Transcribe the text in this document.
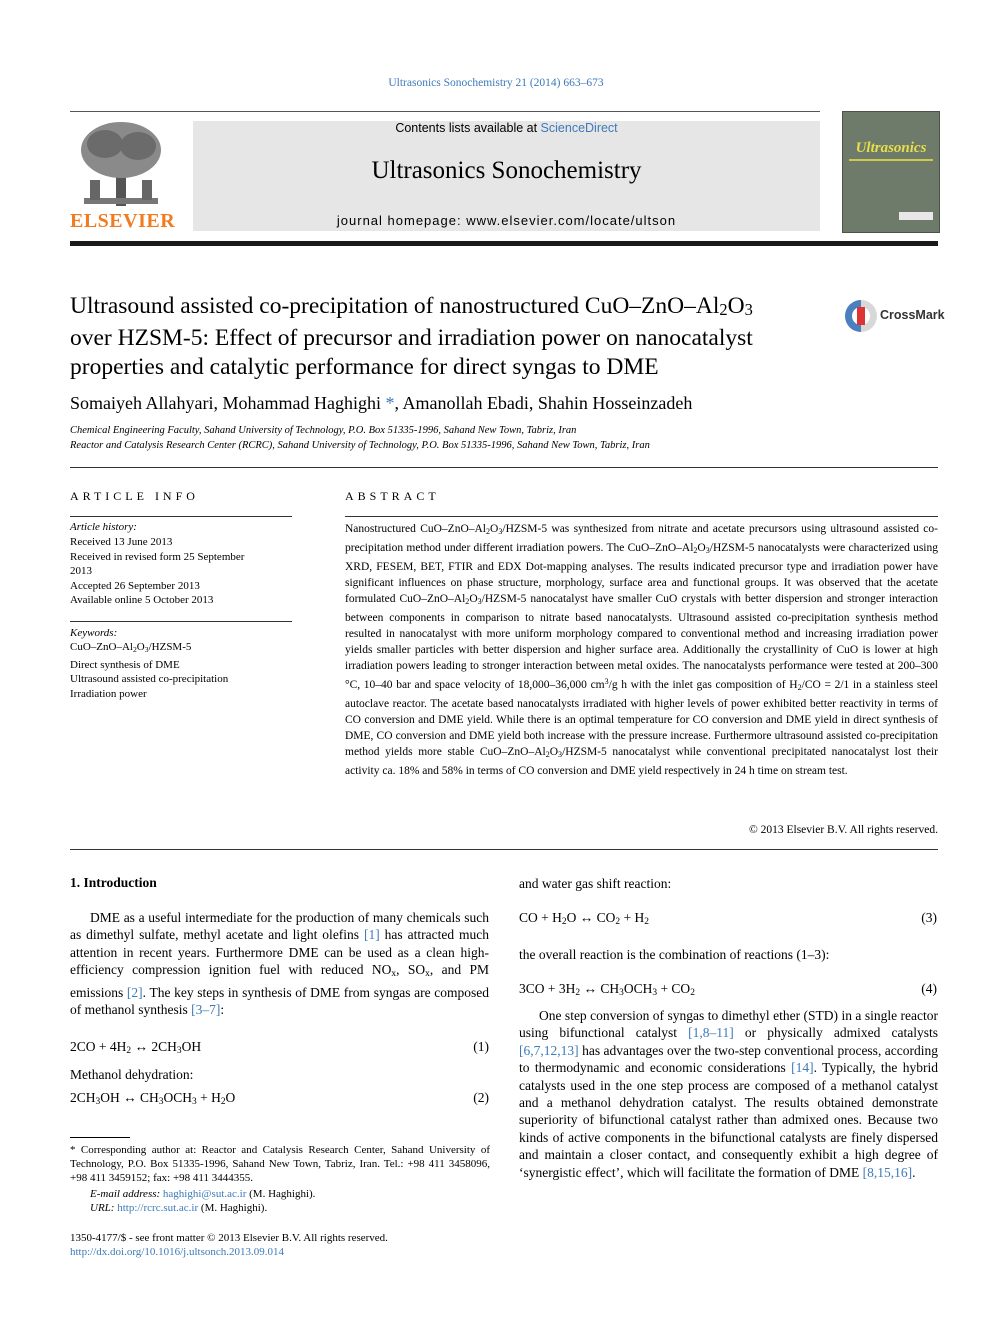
Ultrasonics Sonochemistry 21 (2014) 663–673
ELSEVIER
Contents lists available at ScienceDirect
Ultrasonics Sonochemistry
journal homepage: www.elsevier.com/locate/ultson
Ultrasonics
Ultrasound assisted co-precipitation of nanostructured CuO–$ZnO-Al_2O_3$
over HZSM-5: Effect of precursor and irradiation power on nanocatalyst
properties and catalytic performance for direct syngas to DME
CrossMark
Somaiyeh Allahyari, Mohammad Haghighi *, Amanollah Ebadi, Shahin Hosseinzadeh
Chemical Engineering Faculty, Sahand University of Technology, P.O. Box 51335-1996, Sahand New Town, Tabriz, Iran
Reactor and Catalysis Research Center (RCRC), Sahand University of Technology, P.O. Box 51335-1996, Sahand New Town, Tabriz, Iran
ARTICLE INFO
Article history:
Received 13 June 2013
Received in revised form 25 September
2013
Accepted 26 September 2013
Available online 5 October 2013
Keywords:
CuO–$ZnO-Al_2O_3/HZSM-5$
Direct synthesis of DME
Ultrasound assisted co-precipitation
Irradiation power
ABSTRACT
Nanostructured CuO–$ZnO-Al_2O_3/HZSM-5$ was synthesized from nitrate and acetate precursors using ultrasound assisted co-precipitation method under different irradiation powers. The CuO–$ZnO-Al_2O_3/HZSM-5$ nanocatalysts were characterized using XRD, FESEM, BET, FTIR and EDX Dot-mapping analyses. The results indicated precursor type and irradiation power have significant influences on phase structure, morphology, surface area and functional groups. It was observed that the acetate formulated CuO–$ZnO-Al_2O_3/HZSM-5$ nanocatalyst have smaller CuO crystals with better dispersion and stronger interaction between components in comparison to nitrate based nanocatalysts. Ultrasound assisted co-precipitation synthesis method resulted in nanocatalyst with more uniform morphology compared to conventional method and increasing irradiation power yields smaller particles with better dispersion and higher surface area. Additionally the crystallinity of CuO is lower at high irradiation powers leading to stronger interaction between metal oxides. The nanocatalysts performance were tested at 200–300 °C, 10–40 bar and space velocity of 18,000–36,000 $cm^3/g$ h with the inlet gas composition of $H_2/CO = 2/1$ in a stainless steel autoclave reactor. The acetate based nanocatalysts irradiated with higher levels of power exhibited better reactivity in terms of CO conversion and DME yield. While there is an optimal temperature for CO conversion and DME yield in direct synthesis of DME, CO conversion and DME yield both increase with the pressure increase. Furthermore ultrasound assisted co-precipitation method yields more stable CuO–$ZnO-Al_2O_3/HZSM-5$ nanocatalyst while conventional precipitated nanocatalyst lost their activity ca. 18% and 58% in terms of CO conversion and DME yield respectively in 24 h time on stream test.
© 2013 Elsevier B.V. All rights reserved.
1. Introduction
DME as a useful intermediate for the production of many chemicals such as dimethyl sulfate, methyl acetate and light olefins [1] has attracted much attention in recent years. Furthermore DME can be used as a clean high-efficiency compression ignition fuel with reduced $NO_x$, $SO_x$, and PM emissions [2]. The key steps in synthesis of DME from syngas are composed of methanol synthesis [3–7]:
$2CO + 4H_2$ ↔ $2CH_3OH$	(1)
Methanol dehydration:
$2CH_3OH$ ↔ $CH_3OCH_3 + H_2O$	(2)
* Corresponding author at: Reactor and Catalysis Research Center, Sahand University of Technology, P.O. Box 51335-1996, Sahand New Town, Tabriz, Iran. Tel.: +98 411 3458096, +98 411 3459152; fax: +98 411 3444355.
E-mail address: haghighi@sut.ac.ir (M. Haghighi).
URL: http://rcrc.sut.ac.ir (M. Haghighi).
1350-4177/$ - see front matter © 2013 Elsevier B.V. All rights reserved.
http://dx.doi.org/10.1016/j.ultsonch.2013.09.014
and water gas shift reaction:
CO + $H_2O$ ↔ $CO_2 + H_2$	(3)
the overall reaction is the combination of reactions (1–3):
$3CO + 3H_2$ ↔ $CH_3OCH_3 + CO_2$	(4)
One step conversion of syngas to dimethyl ether (STD) in a single reactor using bifunctional catalyst [1,8–11] or physically admixed catalysts [6,7,12,13] has advantages over the two-step conventional process, according to thermodynamic and economic considerations [14]. Typically, the hybrid catalysts used in the one step process are composed of a methanol catalyst and a methanol dehydration catalyst. The results obtained demonstrate superiority of bifunctional catalyst rather than admixed ones. Because two kinds of active components in the bifunctional catalysts are finely dispersed and maintain a closer contact, and consequently exhibit a high degree of ‘synergistic effect’, which will facilitate the formation of DME [8,15,16].
